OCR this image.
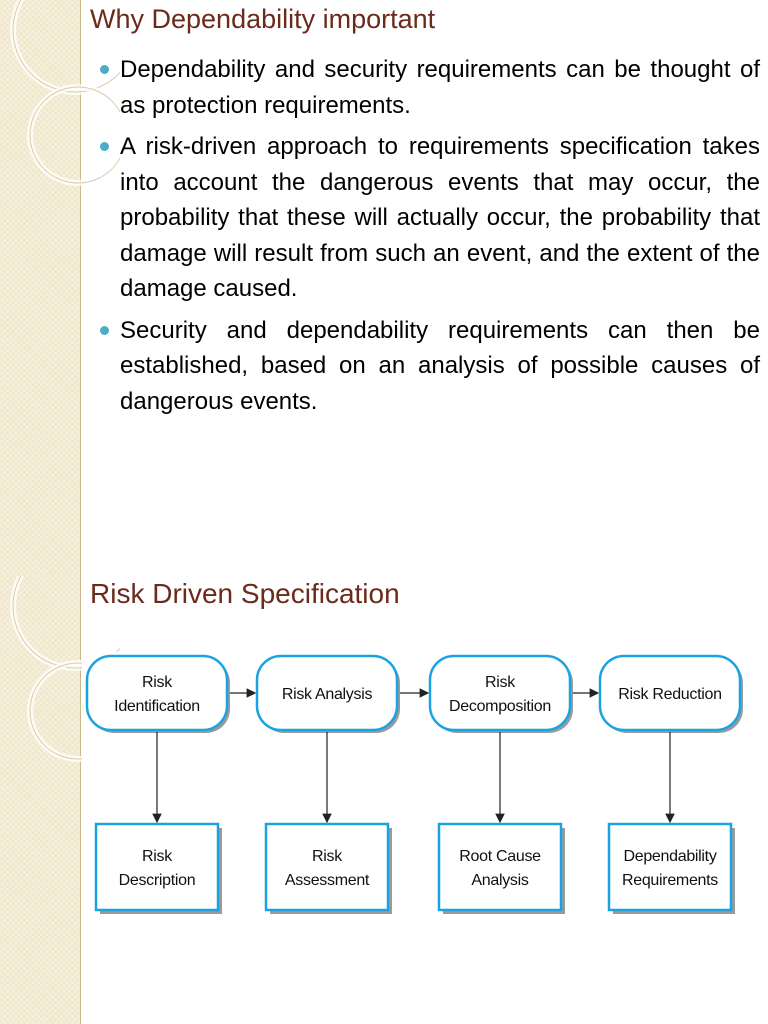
Why Dependability important
Dependability and security requirements can be thought of as protection requirements.
A risk-driven approach to requirements specification takes into account the dangerous events that may occur, the probability that these will actually occur, the probability that damage will result from such an event, and the extent of the damage caused.
Security and dependability requirements can then be established, based on an analysis of possible causes of dangerous events.
Risk Driven Specification
Risk Identification
Risk Description
Risk Analysis
Risk Assessment
Risk Decomposition
Root Cause Analysis
Risk Reduction
Dependability Requirements
